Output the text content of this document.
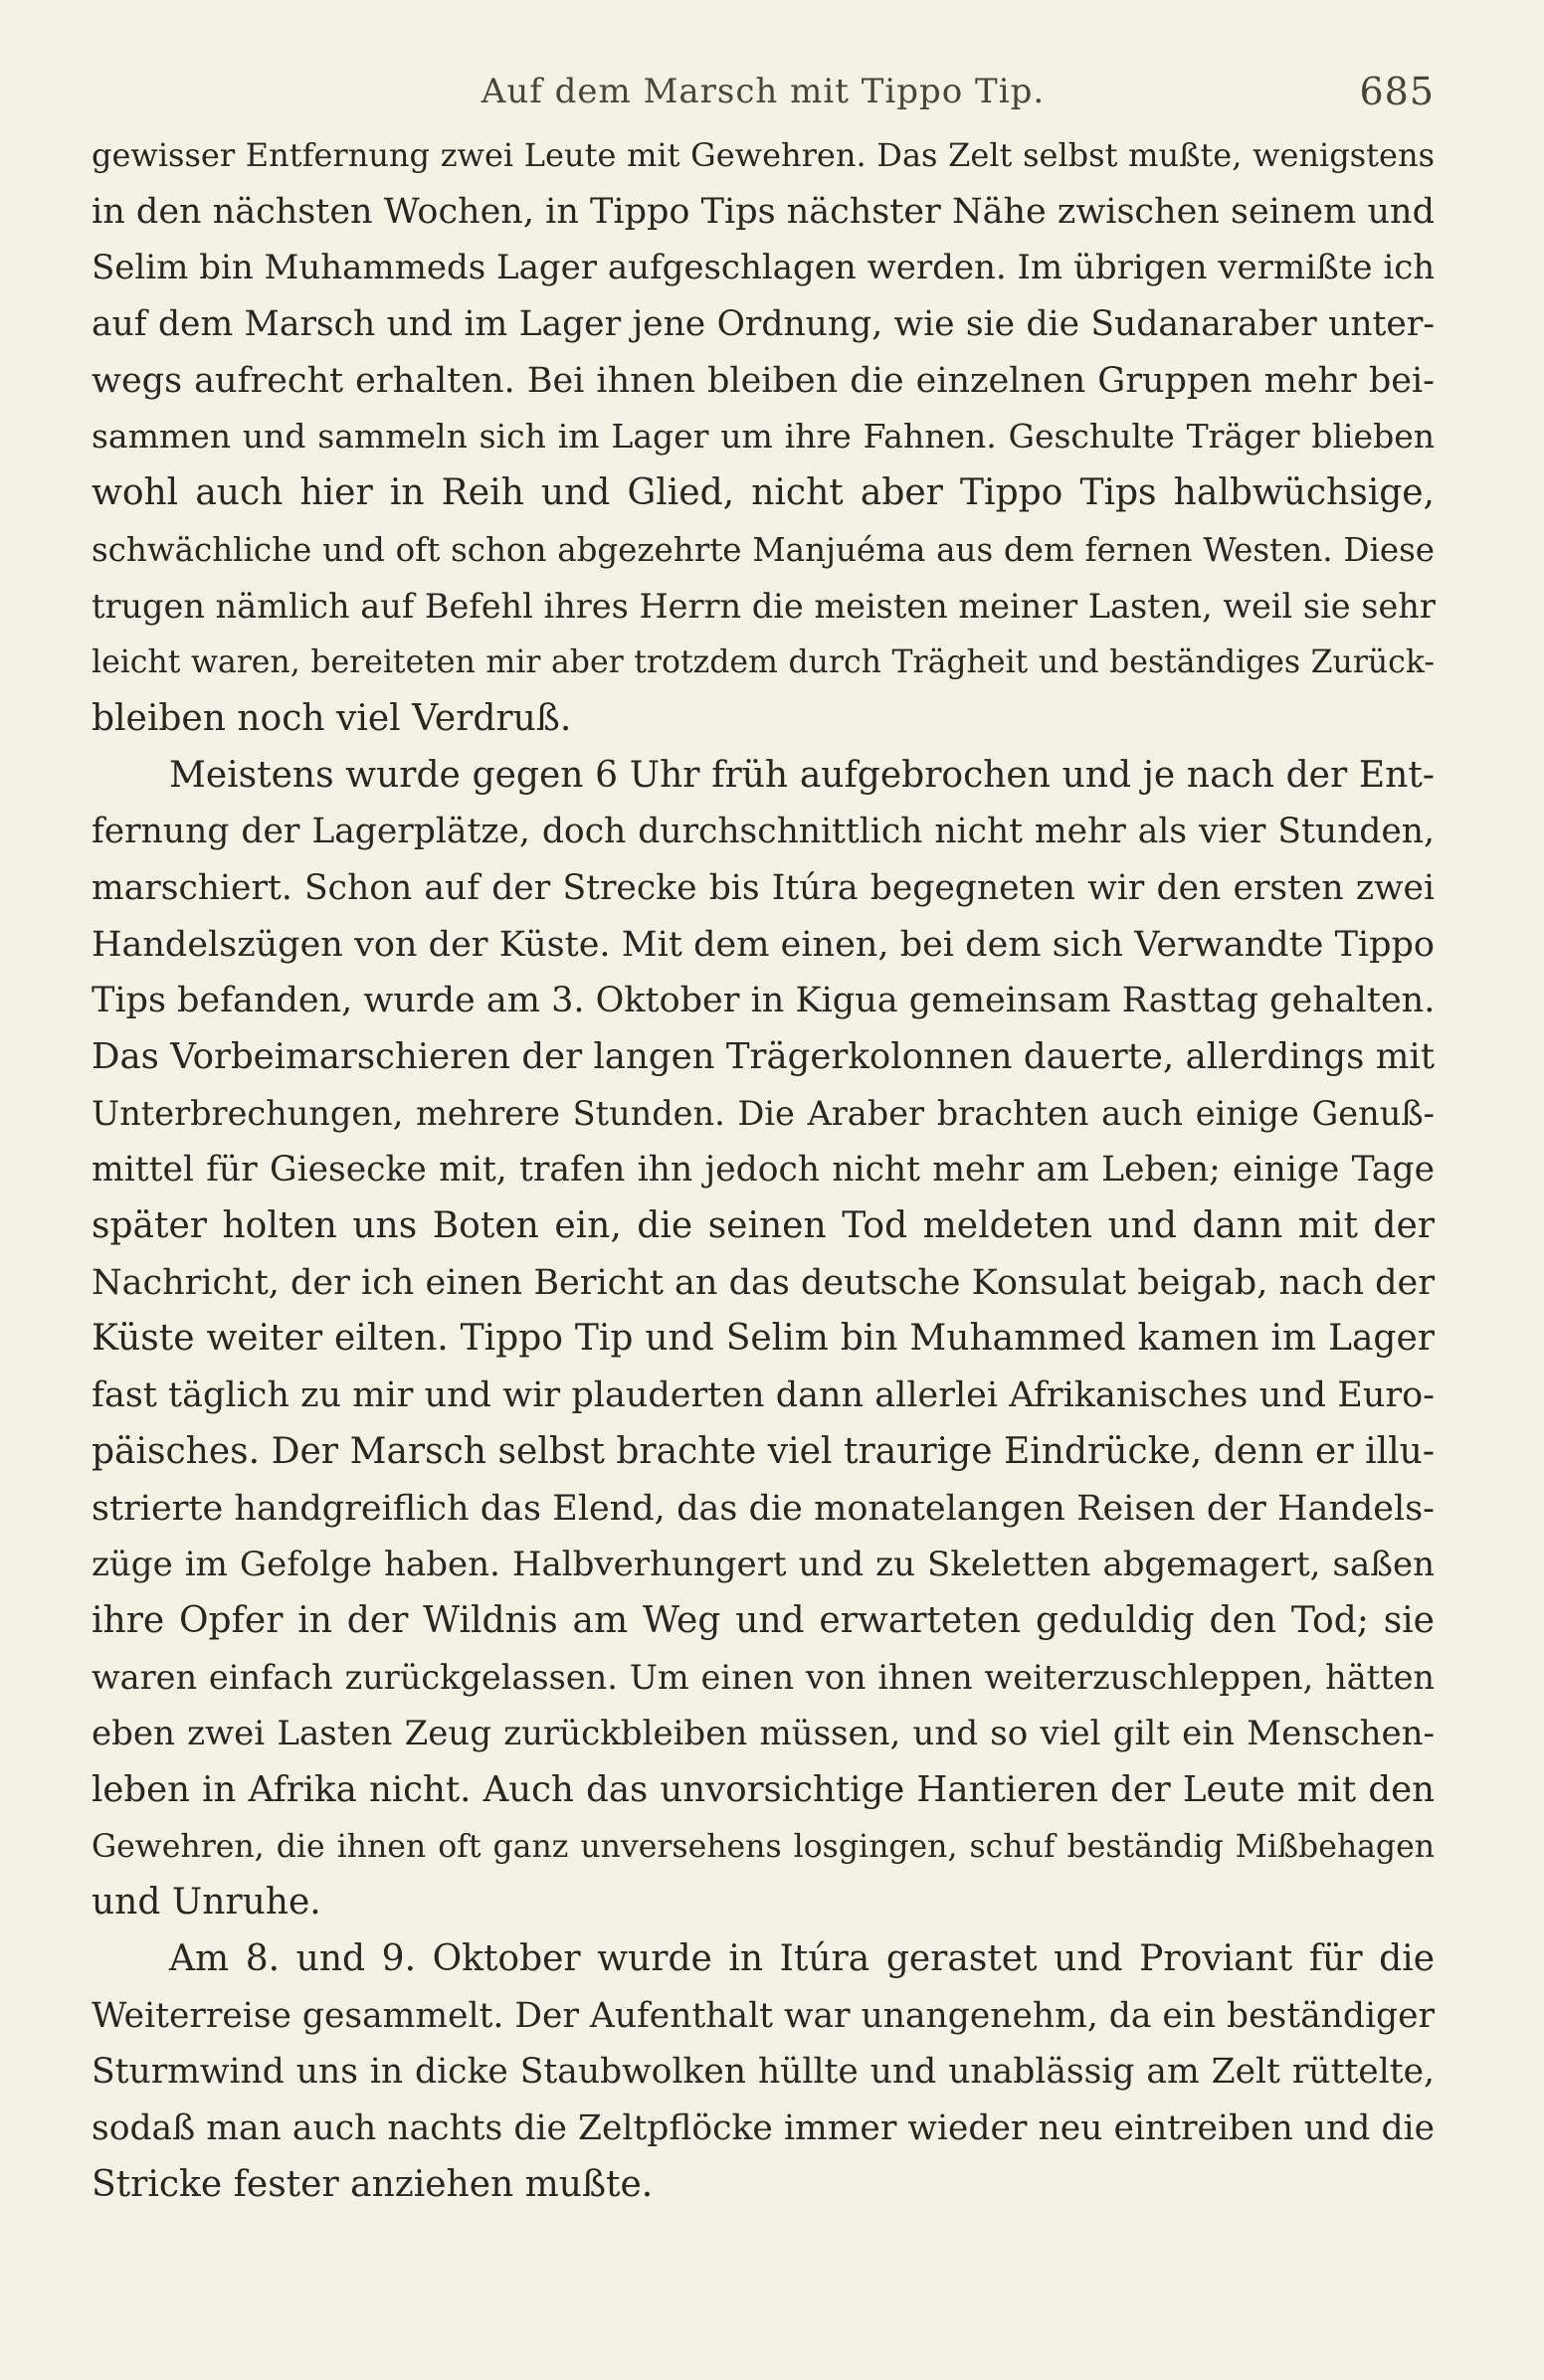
Auf dem Marsch mit Tippo Tip.	685
gewisser Entfernung zwei Leute mit Gewehren. Das Zelt selbst mußte, wenigstens
in den nächsten Wochen, in Tippo Tips nächster Nähe zwischen seinem und
Selim bin Muhammeds Lager aufgeschlagen werden. Im übrigen vermißte ich
auf dem Marsch und im Lager jene Ordnung, wie sie die Sudanaraber unter-
wegs aufrecht erhalten. Bei ihnen bleiben die einzelnen Gruppen mehr bei-
sammen und sammeln sich im Lager um ihre Fahnen. Geschulte Träger blieben
wohl auch hier in Reih und Glied, nicht aber Tippo Tips halbwüchsige,
schwächliche und oft schon abgezehrte Manjuéma aus dem fernen Westen. Diese
trugen nämlich auf Befehl ihres Herrn die meisten meiner Lasten, weil sie sehr
leicht waren, bereiteten mir aber trotzdem durch Trägheit und beständiges Zurück-
bleiben noch viel Verdruß.
Meistens wurde gegen 6 Uhr früh aufgebrochen und je nach der Ent-
fernung der Lagerplätze, doch durchschnittlich nicht mehr als vier Stunden,
marschiert. Schon auf der Strecke bis Itúra begegneten wir den ersten zwei
Handelszügen von der Küste. Mit dem einen, bei dem sich Verwandte Tippo
Tips befanden, wurde am 3. Oktober in Kigua gemeinsam Rasttag gehalten.
Das Vorbeimarschieren der langen Trägerkolonnen dauerte, allerdings mit
Unterbrechungen, mehrere Stunden. Die Araber brachten auch einige Genuß-
mittel für Giesecke mit, trafen ihn jedoch nicht mehr am Leben; einige Tage
später holten uns Boten ein, die seinen Tod meldeten und dann mit der
Nachricht, der ich einen Bericht an das deutsche Konsulat beigab, nach der
Küste weiter eilten. Tippo Tip und Selim bin Muhammed kamen im Lager
fast täglich zu mir und wir plauderten dann allerlei Afrikanisches und Euro-
päisches. Der Marsch selbst brachte viel traurige Eindrücke, denn er illu-
strierte handgreiflich das Elend, das die monatelangen Reisen der Handels-
züge im Gefolge haben. Halbverhungert und zu Skeletten abgemagert, saßen
ihre Opfer in der Wildnis am Weg und erwarteten geduldig den Tod; sie
waren einfach zurückgelassen. Um einen von ihnen weiterzuschleppen, hätten
eben zwei Lasten Zeug zurückbleiben müssen, und so viel gilt ein Menschen-
leben in Afrika nicht. Auch das unvorsichtige Hantieren der Leute mit den
Gewehren, die ihnen oft ganz unversehens losgingen, schuf beständig Mißbehagen
und Unruhe.
Am 8. und 9. Oktober wurde in Itúra gerastet und Proviant für die
Weiterreise gesammelt. Der Aufenthalt war unangenehm, da ein beständiger
Sturmwind uns in dicke Staubwolken hüllte und unablässig am Zelt rüttelte,
sodaß man auch nachts die Zeltpflöcke immer wieder neu eintreiben und die
Stricke fester anziehen mußte.
